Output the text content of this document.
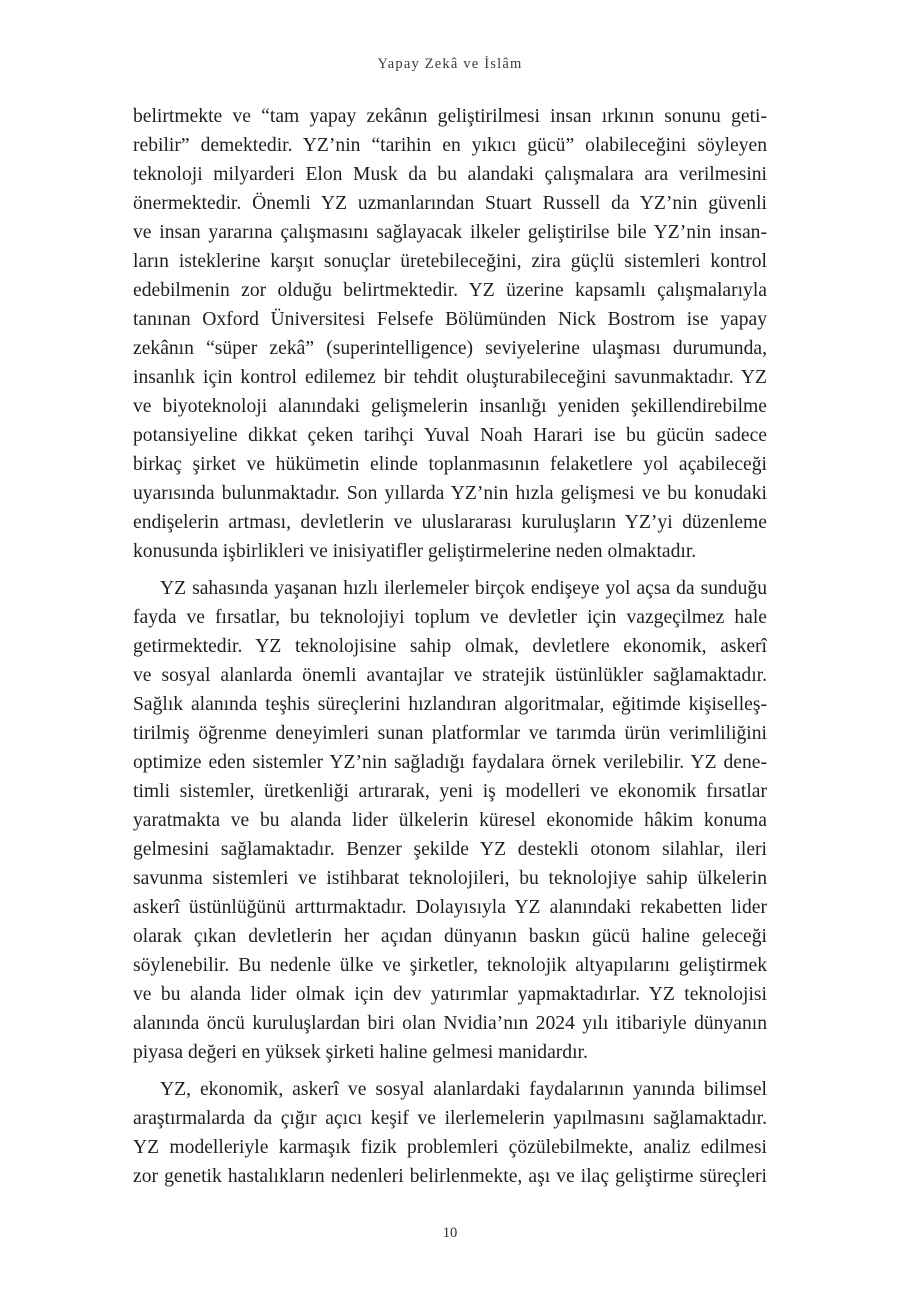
Yapay Zekâ ve İslâm
belirtmekte ve “tam yapay zekânın geliştirilmesi insan ırkının sonunu geti-
rebilir” demektedir. YZ’nin “tarihin en yıkıcı gücü” olabileceğini söyleyen
teknoloji milyarderi Elon Musk da bu alandaki çalışmalara ara verilmesini
önermektedir. Önemli YZ uzmanlarından Stuart Russell da YZ’nin güvenli
ve insan yararına çalışmasını sağlayacak ilkeler geliştirilse bile YZ’nin insan-
ların isteklerine karşıt sonuçlar üretebileceğini, zira güçlü sistemleri kontrol
edebilmenin zor olduğu belirtmektedir. YZ üzerine kapsamlı çalışmalarıyla
tanınan Oxford Üniversitesi Felsefe Bölümünden Nick Bostrom ise yapay
zekânın “süper zekâ” (superintelligence) seviyelerine ulaşması durumunda,
insanlık için kontrol edilemez bir tehdit oluşturabileceğini savunmaktadır. YZ
ve biyoteknoloji alanındaki gelişmelerin insanlığı yeniden şekillendirebilme
potansiyeline dikkat çeken tarihçi Yuval Noah Harari ise bu gücün sadece
birkaç şirket ve hükümetin elinde toplanmasının felaketlere yol açabileceği
uyarısında bulunmaktadır. Son yıllarda YZ’nin hızla gelişmesi ve bu konudaki
endişelerin artması, devletlerin ve uluslararası kuruluşların YZ’yi düzenleme
konusunda işbirlikleri ve inisiyatifler geliştirmelerine neden olmaktadır.
YZ sahasında yaşanan hızlı ilerlemeler birçok endişeye yol açsa da sunduğu
fayda ve fırsatlar, bu teknolojiyi toplum ve devletler için vazgeçilmez hale
getirmektedir. YZ teknolojisine sahip olmak, devletlere ekonomik, askerî
ve sosyal alanlarda önemli avantajlar ve stratejik üstünlükler sağlamaktadır.
Sağlık alanında teşhis süreçlerini hızlandıran algoritmalar, eğitimde kişiselleş-
tirilmiş öğrenme deneyimleri sunan platformlar ve tarımda ürün verimliliğini
optimize eden sistemler YZ’nin sağladığı faydalara örnek verilebilir. YZ dene-
timli sistemler, üretkenliği artırarak, yeni iş modelleri ve ekonomik fırsatlar
yaratmakta ve bu alanda lider ülkelerin küresel ekonomide hâkim konuma
gelmesini sağlamaktadır. Benzer şekilde YZ destekli otonom silahlar, ileri
savunma sistemleri ve istihbarat teknolojileri, bu teknolojiye sahip ülkelerin
askerî üstünlüğünü arttırmaktadır. Dolayısıyla YZ alanındaki rekabetten lider
olarak çıkan devletlerin her açıdan dünyanın baskın gücü haline geleceği
söylenebilir. Bu nedenle ülke ve şirketler, teknolojik altyapılarını geliştirmek
ve bu alanda lider olmak için dev yatırımlar yapmaktadırlar. YZ teknolojisi
alanında öncü kuruluşlardan biri olan Nvidia’nın 2024 yılı itibariyle dünyanın
piyasa değeri en yüksek şirketi haline gelmesi manidardır.
YZ, ekonomik, askerî ve sosyal alanlardaki faydalarının yanında bilimsel
araştırmalarda da çığır açıcı keşif ve ilerlemelerin yapılmasını sağlamaktadır.
YZ modelleriyle karmaşık fizik problemleri çözülebilmekte, analiz edilmesi
zor genetik hastalıkların nedenleri belirlenmekte, aşı ve ilaç geliştirme süreçleri
10
